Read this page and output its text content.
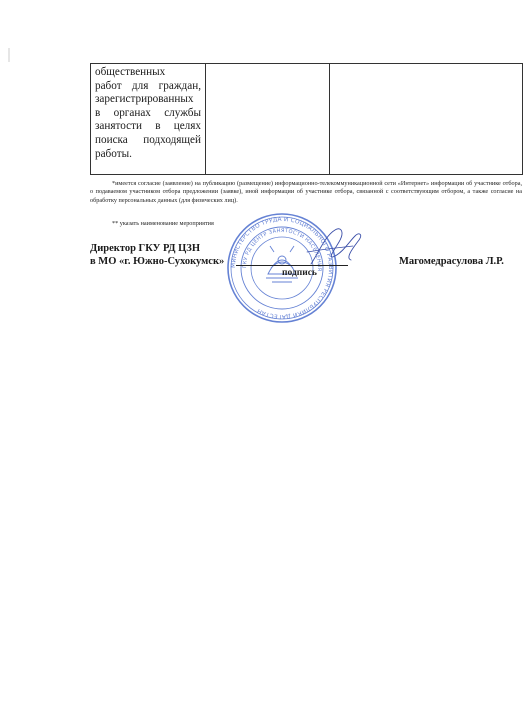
общественных
работ для граждан, зарегистрированных в органах службы занятости в целях поиска подходящей работы.

*имеется согласие (заявление) на публикацию (размещение) информационно-телекоммуникационной сети «Интернет» информации об участнике отбора, о подаваемом участником отбора предложении (заявке), иной информации об участнике отбора, связанной с соответствующим отбором, а также согласие на обработку персональных данных (для физических лиц).
** указать наименование мероприятия
МИНИСТЕРСТВО ТРУДА И СОЦИАЛЬНОГО РАЗВИТИЯ РЕСПУБЛИКИ ДАГЕСТАН
ГКУ РД ЦЕНТР ЗАНЯТОСТИ НАСЕЛЕНИЯ
Директор ГКУ РД ЦЗН
в МО «г. Южно-Сухокумск»
подпись
Магомедрасулова Л.Р.
